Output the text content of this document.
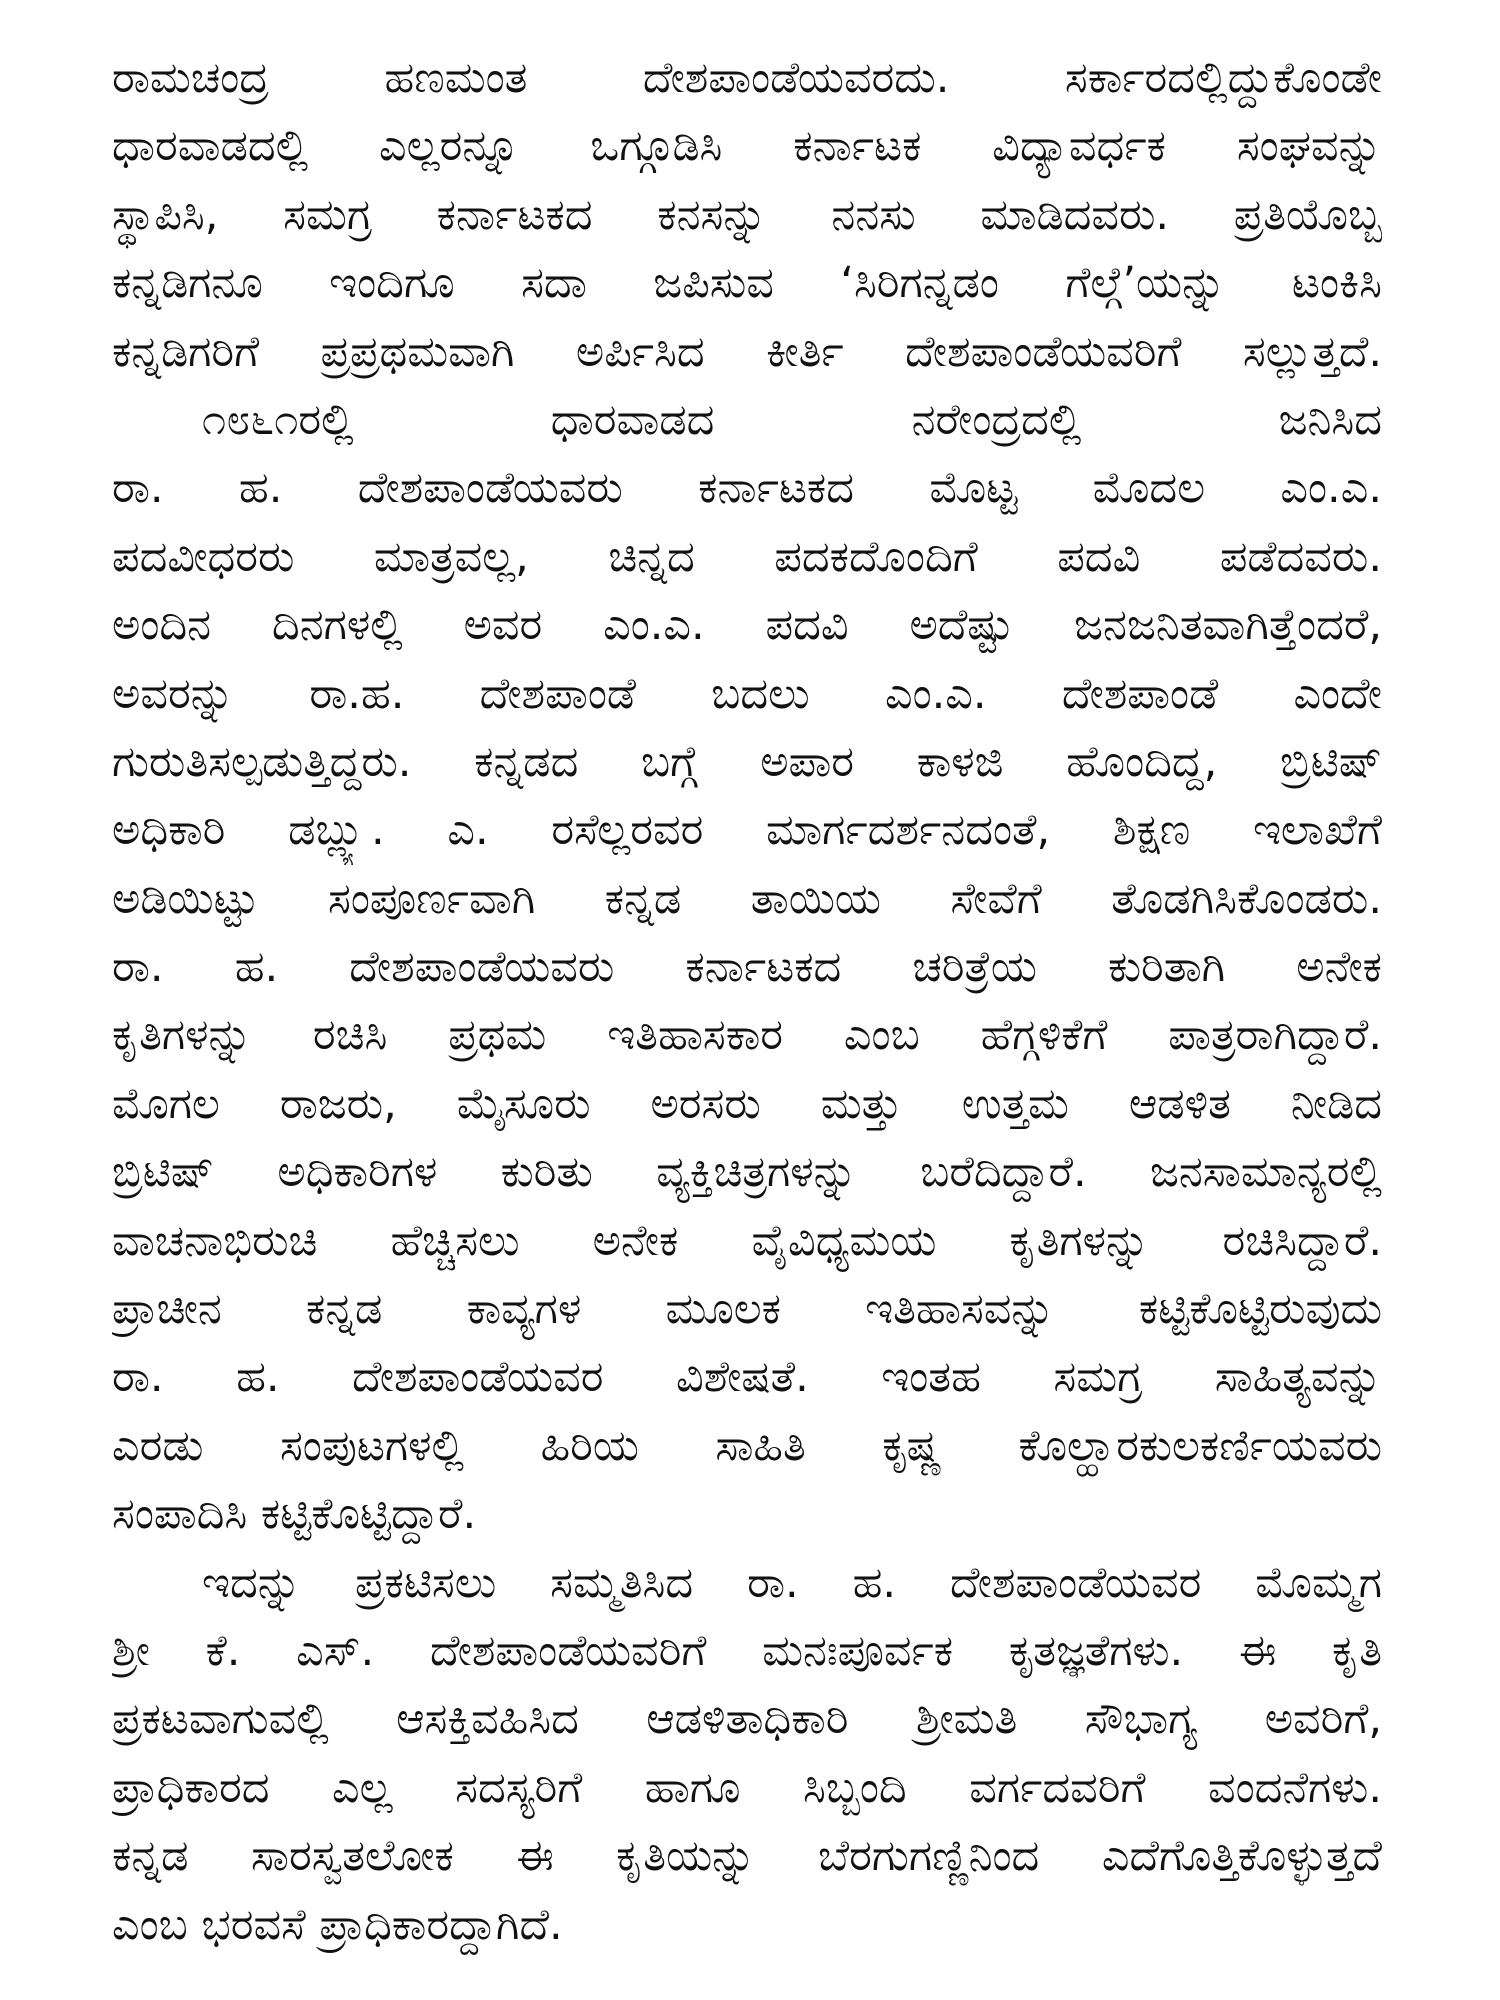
ರಾಮಚಂದ್ರ ಹಣಮಂತ ದೇಶಪಾಂಡೆಯವರದು. ಸರ್ಕಾರದಲ್ಲಿದ್ದುಕೊಂಡೇ
ಧಾರವಾಡದಲ್ಲಿ ಎಲ್ಲರನ್ನೂ ಒಗ್ಗೂಡಿಸಿ ಕರ್ನಾಟಕ ವಿದ್ಯಾವರ್ಧಕ ಸಂಘವನ್ನು
ಸ್ಥಾಪಿಸಿ, ಸಮಗ್ರ ಕರ್ನಾಟಕದ ಕನಸನ್ನು ನನಸು ಮಾಡಿದವರು. ಪ್ರತಿಯೊಬ್ಬ
ಕನ್ನಡಿಗನೂ ಇಂದಿಗೂ ಸದಾ ಜಪಿಸುವ ‘ಸಿರಿಗನ್ನಡಂ ಗೆಲ್ಗೆ’ಯನ್ನು ಟಂಕಿಸಿ
ಕನ್ನಡಿಗರಿಗೆ ಪ್ರಪ್ರಥಮವಾಗಿ ಅರ್ಪಿಸಿದ ಕೀರ್ತಿ ದೇಶಪಾಂಡೆಯವರಿಗೆ ಸಲ್ಲುತ್ತದೆ.
೧೮೬೧ರಲ್ಲಿ ಧಾರವಾಡದ ನರೇಂದ್ರದಲ್ಲಿ ಜನಿಸಿದ
ರಾ. ಹ. ದೇಶಪಾಂಡೆಯವರು ಕರ್ನಾಟಕದ ಮೊಟ್ಟ ಮೊದಲ ಎಂ.ಎ.
ಪದವೀಧರರು ಮಾತ್ರವಲ್ಲ, ಚಿನ್ನದ ಪದಕದೊಂದಿಗೆ ಪದವಿ ಪಡೆದವರು.
ಅಂದಿನ ದಿನಗಳಲ್ಲಿ ಅವರ ಎಂ.ಎ. ಪದವಿ ಅದೆಷ್ಟು ಜನಜನಿತವಾಗಿತ್ತೆಂದರೆ,
ಅವರನ್ನು ರಾ.ಹ. ದೇಶಪಾಂಡೆ ಬದಲು ಎಂ.ಎ. ದೇಶಪಾಂಡೆ ಎಂದೇ
ಗುರುತಿಸಲ್ಪಡುತ್ತಿದ್ದರು. ಕನ್ನಡದ ಬಗ್ಗೆ ಅಪಾರ ಕಾಳಜಿ ಹೊಂದಿದ್ದ, ಬ್ರಿಟಿಷ್
ಅಧಿಕಾರಿ ಡಬ್ಲ್ಯು. ಎ. ರಸೆಲ್ಲರವರ ಮಾರ್ಗದರ್ಶನದಂತೆ, ಶಿಕ್ಷಣ ಇಲಾಖೆಗೆ
ಅಡಿಯಿಟ್ಟು ಸಂಪೂರ್ಣವಾಗಿ ಕನ್ನಡ ತಾಯಿಯ ಸೇವೆಗೆ ತೊಡಗಿಸಿಕೊಂಡರು.
ರಾ. ಹ. ದೇಶಪಾಂಡೆಯವರು ಕರ್ನಾಟಕದ ಚರಿತ್ರೆಯ ಕುರಿತಾಗಿ ಅನೇಕ
ಕೃತಿಗಳನ್ನು ರಚಿಸಿ ಪ್ರಥಮ ಇತಿಹಾಸಕಾರ ಎಂಬ ಹೆಗ್ಗಳಿಕೆಗೆ ಪಾತ್ರರಾಗಿದ್ದಾರೆ.
ಮೊಗಲ ರಾಜರು, ಮೈಸೂರು ಅರಸರು ಮತ್ತು ಉತ್ತಮ ಆಡಳಿತ ನೀಡಿದ
ಬ್ರಿಟಿಷ್ ಅಧಿಕಾರಿಗಳ ಕುರಿತು ವ್ಯಕ್ತಿಚಿತ್ರಗಳನ್ನು ಬರೆದಿದ್ದಾರೆ. ಜನಸಾಮಾನ್ಯರಲ್ಲಿ
ವಾಚನಾಭಿರುಚಿ ಹೆಚ್ಚಿಸಲು ಅನೇಕ ವೈವಿಧ್ಯಮಯ ಕೃತಿಗಳನ್ನು ರಚಿಸಿದ್ದಾರೆ.
ಪ್ರಾಚೀನ ಕನ್ನಡ ಕಾವ್ಯಗಳ ಮೂಲಕ ಇತಿಹಾಸವನ್ನು ಕಟ್ಟಿಕೊಟ್ಟಿರುವುದು
ರಾ. ಹ. ದೇಶಪಾಂಡೆಯವರ ವಿಶೇಷತೆ. ಇಂತಹ ಸಮಗ್ರ ಸಾಹಿತ್ಯವನ್ನು
ಎರಡು ಸಂಪುಟಗಳಲ್ಲಿ ಹಿರಿಯ ಸಾಹಿತಿ ಕೃಷ್ಣ ಕೊಲ್ಹಾರಕುಲಕರ್ಣಿಯವರು
ಸಂಪಾದಿಸಿ ಕಟ್ಟಿಕೊಟ್ಟಿದ್ದಾರೆ.
ಇದನ್ನು ಪ್ರಕಟಿಸಲು ಸಮ್ಮತಿಸಿದ ರಾ. ಹ. ದೇಶಪಾಂಡೆಯವರ ಮೊಮ್ಮಗ
ಶ್ರೀ ಕೆ. ಎಸ್. ದೇಶಪಾಂಡೆಯವರಿಗೆ ಮನಃಪೂರ್ವಕ ಕೃತಜ್ಞತೆಗಳು. ಈ ಕೃತಿ
ಪ್ರಕಟವಾಗುವಲ್ಲಿ ಆಸಕ್ತಿವಹಿಸಿದ ಆಡಳಿತಾಧಿಕಾರಿ ಶ್ರೀಮತಿ ಸೌಭಾಗ್ಯ ಅವರಿಗೆ,
ಪ್ರಾಧಿಕಾರದ ಎಲ್ಲ ಸದಸ್ಯರಿಗೆ ಹಾಗೂ ಸಿಬ್ಬಂದಿ ವರ್ಗದವರಿಗೆ ವಂದನೆಗಳು.
ಕನ್ನಡ ಸಾರಸ್ವತಲೋಕ ಈ ಕೃತಿಯನ್ನು ಬೆರಗುಗಣ್ಣಿನಿಂದ ಎದೆಗೊತ್ತಿಕೊಳ್ಳುತ್ತದೆ
ಎಂಬ ಭರವಸೆ ಪ್ರಾಧಿಕಾರದ್ದಾಗಿದೆ.
